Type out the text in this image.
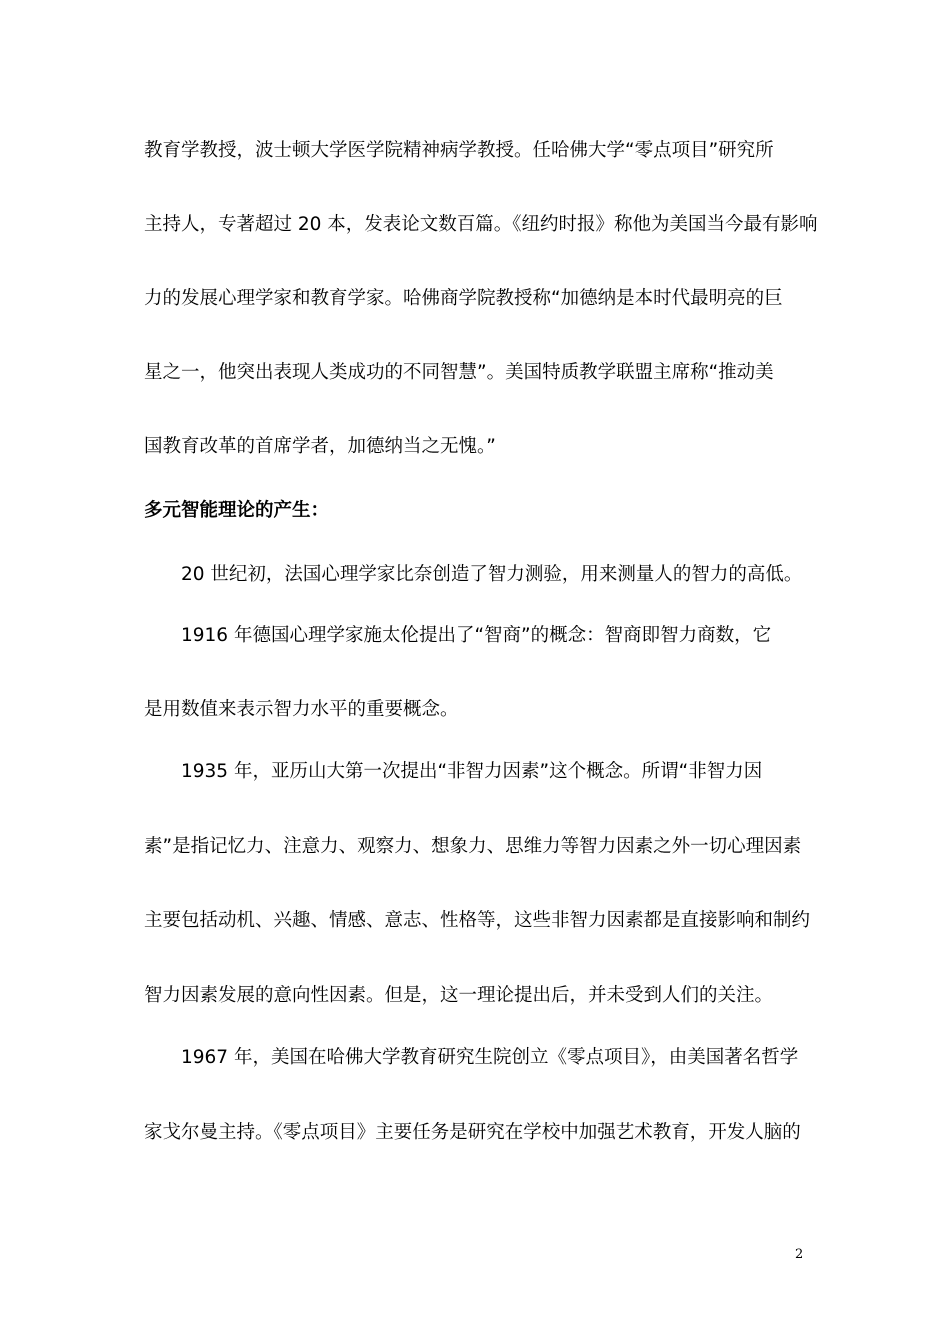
教育学教授，波士顿大学医学院精神病学教授。任哈佛大学“零点项目”研究所
主持人，专著超过 20 本，发表论文数百篇。《纽约时报》称他为美国当今最有影响
力的发展心理学家和教育学家。哈佛商学院教授称“加德纳是本时代最明亮的巨
星之一，他突出表现人类成功的不同智慧”。美国特质教学联盟主席称“推动美
国教育改革的首席学者，加德纳当之无愧。”
多元智能理论的产生：
20 世纪初，法国心理学家比奈创造了智力测验，用来测量人的智力的高低。
1916 年德国心理学家施太伦提出了“智商”的概念：智商即智力商数，它
是用数值来表示智力水平的重要概念。
1935 年，亚历山大第一次提出“非智力因素”这个概念。所谓“非智力因
素”是指记忆力、注意力、观察力、想象力、思维力等智力因素之外一切心理因素
主要包括动机、兴趣、情感、意志、性格等，这些非智力因素都是直接影响和制约
智力因素发展的意向性因素。但是，这一理论提出后，并未受到人们的关注。
1967 年，美国在哈佛大学教育研究生院创立《零点项目》，由美国著名哲学
家戈尔曼主持。《零点项目》主要任务是研究在学校中加强艺术教育，开发人脑的
2
